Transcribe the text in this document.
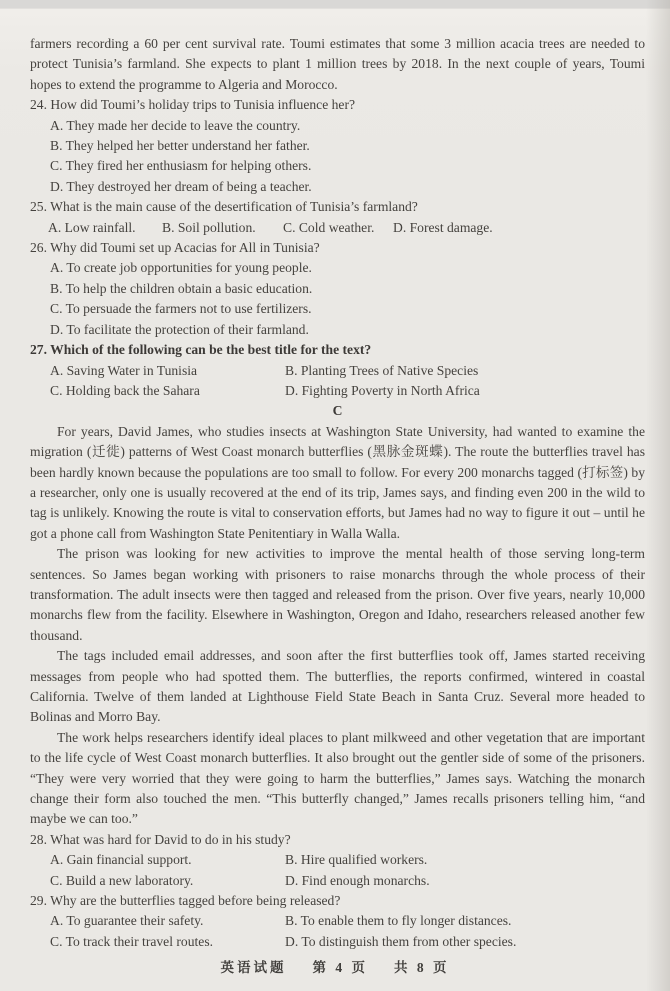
farmers recording a 60 per cent survival rate. Toumi estimates that some 3 million acacia trees are needed to protect Tunisia’s farmland. She expects to plant 1 million trees by 2018. In the next couple of years, Toumi hopes to extend the programme to Algeria and Morocco.

24. How did Toumi’s holiday trips to Tunisia influence her?

A. They made her decide to leave the country.

B. They helped her better understand her father.

C. They fired her enthusiasm for helping others.

D. They destroyed her dream of being a teacher.

25. What is the main cause of the desertification of Tunisia’s farmland?

A. Low rainfall.	B. Soil pollution.	C. Cold weather.	D. Forest damage.

26. Why did Toumi set up Acacias for All in Tunisia?

A. To create job opportunities for young people.

B. To help the children obtain a basic education.

C. To persuade the farmers not to use fertilizers.

D. To facilitate the protection of their farmland.

27. Which of the following can be the best title for the text?

A. Saving Water in Tunisia	B. Planting Trees of Native Species

C. Holding back the Sahara	D. Fighting Poverty in North Africa

C

For years, David James, who studies insects at Washington State University, had wanted to examine the migration (迁徙) patterns of West Coast monarch butterflies (黑脉金斑蝶). The route the butterflies travel has been hardly known because the populations are too small to follow. For every 200 monarchs tagged (打标签) by a researcher, only one is usually recovered at the end of its trip, James says, and finding even 200 in the wild to tag is unlikely. Knowing the route is vital to conservation efforts, but James had no way to figure it out – until he got a phone call from Washington State Penitentiary in Walla Walla.

The prison was looking for new activities to improve the mental health of those serving long-term sentences. So James began working with prisoners to raise monarchs through the whole process of their transformation. The adult insects were then tagged and released from the prison. Over five years, nearly 10,000 monarchs flew from the facility. Elsewhere in Washington, Oregon and Idaho, researchers released another few thousand.

The tags included email addresses, and soon after the first butterflies took off, James started receiving messages from people who had spotted them. The butterflies, the reports confirmed, wintered in coastal California. Twelve of them landed at Lighthouse Field State Beach in Santa Cruz. Several more headed to Bolinas and Morro Bay.

The work helps researchers identify ideal places to plant milkweed and other vegetation that are important to the life cycle of West Coast monarch butterflies. It also brought out the gentler side of some of the prisoners. “They were very worried that they were going to harm the butterflies,” James says. Watching the monarch change their form also touched the men. “This butterfly changed,” James recalls prisoners telling him, “and maybe we can too.”

28. What was hard for David to do in his study?

A. Gain financial support.	B. Hire qualified workers.

C. Build a new laboratory.	D. Find enough monarchs.

29. Why are the butterflies tagged before being released?

A. To guarantee their safety.	B. To enable them to fly longer distances.

C. To track their travel routes.	D. To distinguish them from other species.

英语试题 第 4 页 共 8 页
